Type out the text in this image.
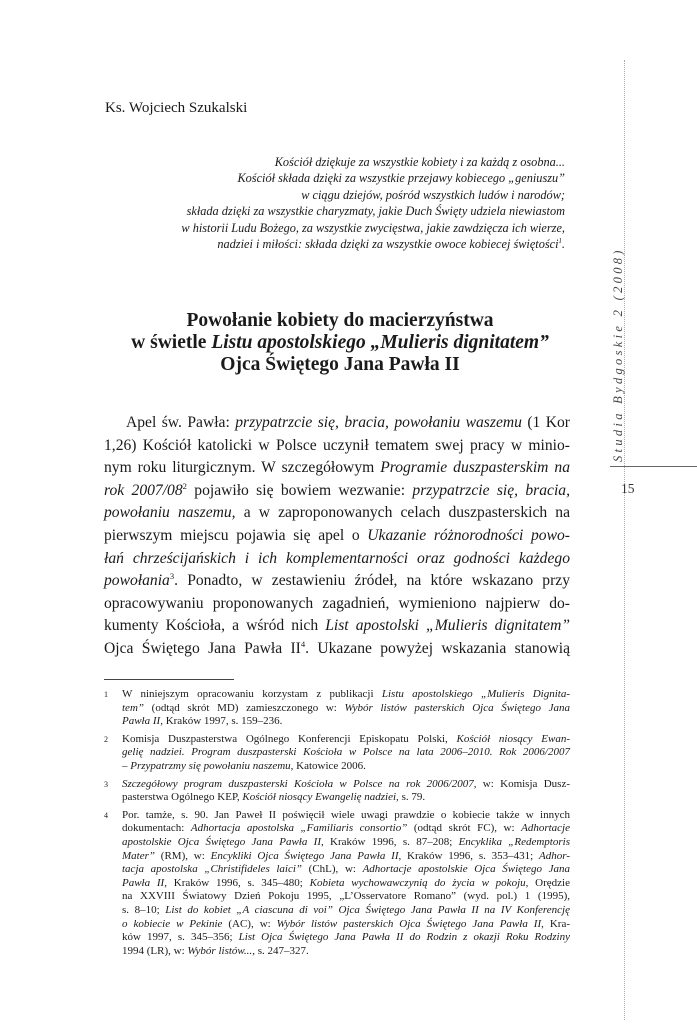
Ks. Wojciech Szukalski
Kościół dziękuje za wszystkie kobiety i za każdą z osobna...
Kościół składa dzięki za wszystkie przejawy kobiecego „geniuszu”
w ciągu dziejów, pośród wszystkich ludów i narodów;
składa dzięki za wszystkie charyzmaty, jakie Duch Święty udziela niewiastom
w historii Ludu Bożego, za wszystkie zwycięstwa, jakie zawdzięcza ich wierze,
nadziei i miłości: składa dzięki za wszystkie owoce kobiecej świętości$^1$.
Powołanie kobiety do macierzyństwa
w świetle Listu apostolskiego „Mulieris dignitatem”
Ojca Świętego Jana Pawła II
Apel św. Pawła: przypatrzcie się, bracia, powołaniu waszemu (1 Kor
1,26) Kościół katolicki w Polsce uczynił tematem swej pracy w minio-
nym roku liturgicznym. W szczegółowym Programie duszpasterskim na
rok $2007/08^2$ pojawiło się bowiem wezwanie: przypatrzcie się, bracia,
powołaniu naszemu, a w zaproponowanych celach duszpasterskich na
pierwszym miejscu pojawia się apel o Ukazanie różnorodności powo-
łań chrześcijańskich i ich komplementarności oraz godności każdego
powołania$^3$. Ponadto, w zestawieniu źródeł, na które wskazano przy
opracowywaniu proponowanych zagadnień, wymieniono najpierw do-
kumenty Kościoła, a wśród nich List apostolski „Mulieris dignitatem”
Ojca Świętego Jana Pawła $II^4$. Ukazane powyżej wskazania stanowią
1 W niniejszym opracowaniu korzystam z publikacji Listu apostolskiego „Mulieris Dignita-
tem” (odtąd skrót MD) zamieszczonego w: Wybór listów pasterskich Ojca Świętego Jana
Pawła II, Kraków 1997, s. 159–236.
2 Komisja Duszpasterstwa Ogólnego Konferencji Episkopatu Polski, Kościół niosący Ewan-
gelię nadziei. Program duszpasterski Kościoła w Polsce na lata 2006–2010. Rok 2006/2007
– Przypatrzmy się powołaniu naszemu, Katowice 2006.
3 Szczegółowy program duszpasterski Kościoła w Polsce na rok 2006/2007, w: Komisja Dusz-
pasterstwa Ogólnego KEP, Kościół niosący Ewangelię nadziei, s. 79.
4 Por. tamże, s. 90. Jan Paweł II poświęcił wiele uwagi prawdzie o kobiecie także w innych
dokumentach: Adhortacja apostolska „Familiaris consortio” (odtąd skrót FC), w: Adhortacje
apostolskie Ojca Świętego Jana Pawła II, Kraków 1996, s. 87–208; Encyklika „Redemptoris
Mater” (RM), w: Encykliki Ojca Świętego Jana Pawła II, Kraków 1996, s. 353–431; Adhor-
tacja apostolska „Christifideles laici” (ChL), w: Adhortacje apostolskie Ojca Świętego Jana
Pawła II, Kraków 1996, s. 345–480; Kobieta wychowawczynią do życia w pokoju, Orędzie
na XXVIII Światowy Dzień Pokoju 1995, „L’Osservatore Romano” (wyd. pol.) 1 (1995),
s. 8–10; List do kobiet „A ciascuna di voi” Ojca Świętego Jana Pawła II na IV Konferencję
o kobiecie w Pekinie (AC), w: Wybór listów pasterskich Ojca Świętego Jana Pawła II, Kra-
ków 1997, s. 345–356; List Ojca Świętego Jana Pawła II do Rodzin z okazji Roku Rodziny
1994 (LR), w: Wybór listów..., s. 247–327.
Studia Bydgoskie 2 (2008)
15
